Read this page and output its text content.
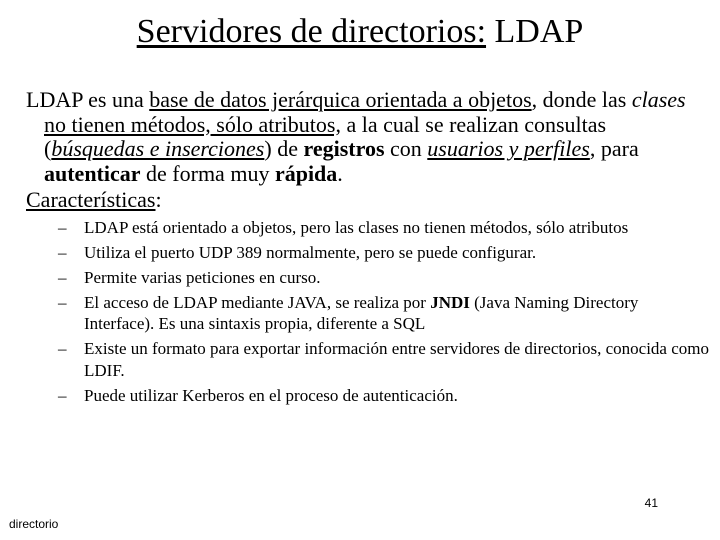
Servidores de directorios: LDAP

LDAP es una base de datos jerárquica orientada a objetos, donde las clases no tienen métodos, sólo atributos, a la cual se realizan consultas (búsquedas e inserciones) de registros con usuarios y perfiles, para autenticar de forma muy rápida.

Características:

– LDAP está orientado a objetos, pero las clases no tienen métodos, sólo atributos
– Utiliza el puerto UDP 389 normalmente, pero se puede configurar.
– Permite varias peticiones en curso.
– El acceso de LDAP mediante JAVA, se realiza por JNDI (Java Naming Directory Interface). Es una sintaxis propia, diferente a SQL
– Existe un formato para exportar información entre servidores de directorios, conocida como LDIF.
– Puede utilizar Kerberos en el proceso de autenticación.
41
directorio
